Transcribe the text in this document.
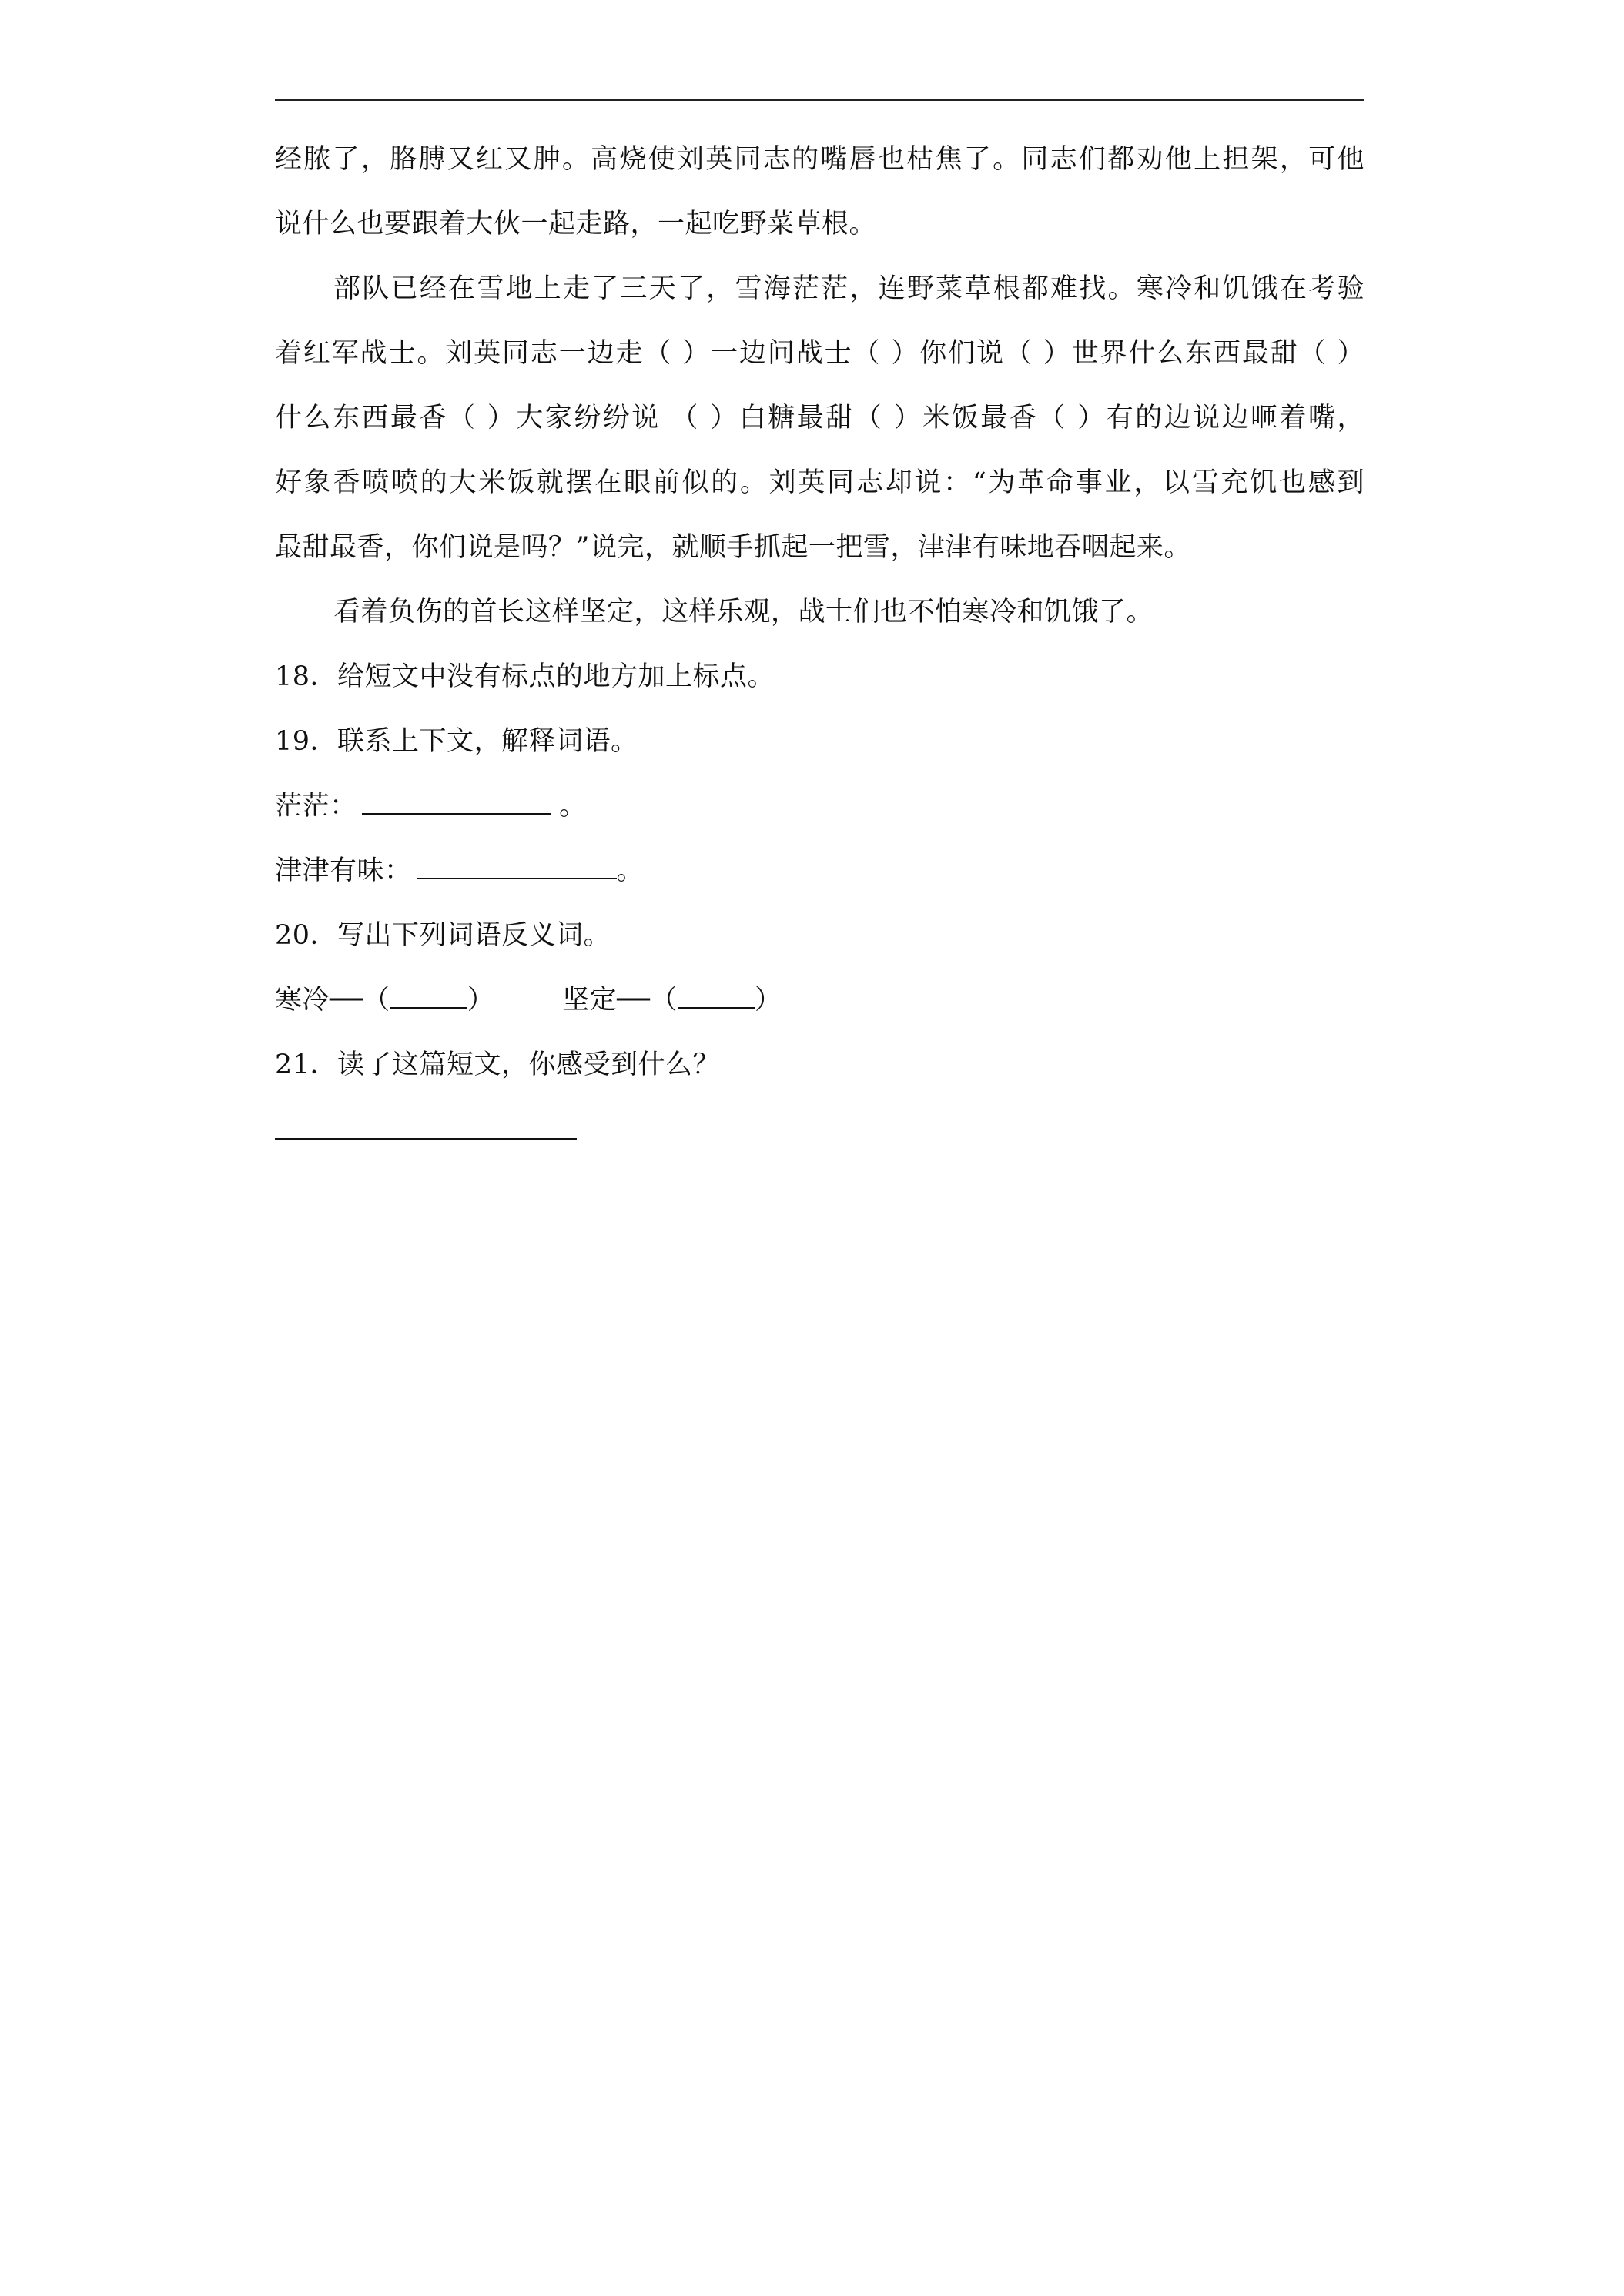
经脓了，胳膊又红又肿。高烧使刘英同志的嘴唇也枯焦了。同志们都劝他上担架，可他
说什么也要跟着大伙一起走路，一起吃野菜草根。
部队已经在雪地上走了三天了，雪海茫茫，连野菜草根都难找。寒冷和饥饿在考验
着红军战士。刘英同志一边走（ ）一边问战士（ ）你们说（ ）世界什么东西最甜（ ）
什么东西最香（ ）大家纷纷说 （ ）白糖最甜（ ）米饭最香（ ）有的边说边咂着嘴，
好象香喷喷的大米饭就摆在眼前似的。刘英同志却说：“为革命事业，以雪充饥也感到
最甜最香，你们说是吗？”说完，就顺手抓起一把雪，津津有味地吞咽起来。
看着负伤的首长这样坚定，这样乐观，战士们也不怕寒冷和饥饿了。
18．给短文中没有标点的地方加上标点。
19．联系上下文，解释词语。
茫茫：	。
津津有味：	。
20．写出下列词语反义词。
寒冷──（	）	坚定──（	）
21．读了这篇短文，你感受到什么？
